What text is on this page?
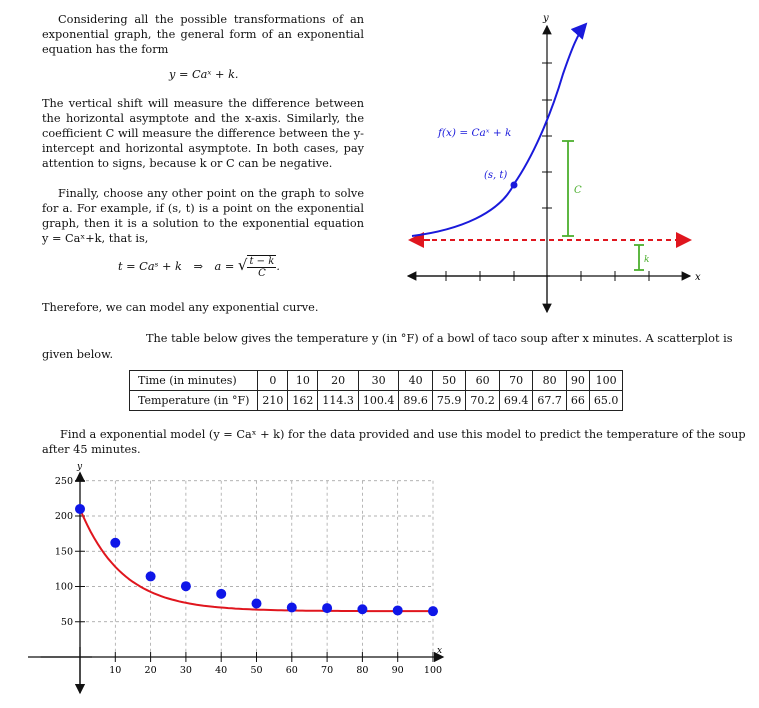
Considering all the possible transformations of an exponential graph, the general form of an exponential equation has the form
y = Caˣ + k.
The vertical shift will measure the difference between the horizontal asymptote and the x-axis. Similarly, the coefficient C will measure the difference between the y-intercept and horizontal asymptote. In both cases, pay attention to signs, because k or C can be negative.
Finally, choose any other point on the graph to solve for a. For example, if (s, t) is a point on the exponential graph, then it is a solution to the exponential equation y = Caˣ+k, that is,
t = Caˢ + k ⇒ a = √ $\frac{t - k}{C}$ .
Therefore, we can model any exponential curve.
(s, t)
f(x) = Caˣ + k
C
k
y
x
The table below gives the temperature y (in °F) of a bowl of taco soup after x minutes. A scatterplot is
given below.
Time (in minutes)	0	10	20	30	40	50	60	70	80	90	100
Temperature (in °F)	210	162	114.3	100.4	89.6	75.9	70.2	69.4	67.7	66	65.0
Find a exponential model (y = Caˣ + k) for the data provided and use this model to predict the temperature of the soup
after 45 minutes.
10 20 30 40 50 60 70 80 90 100
50
100
150
200
250
y
x
